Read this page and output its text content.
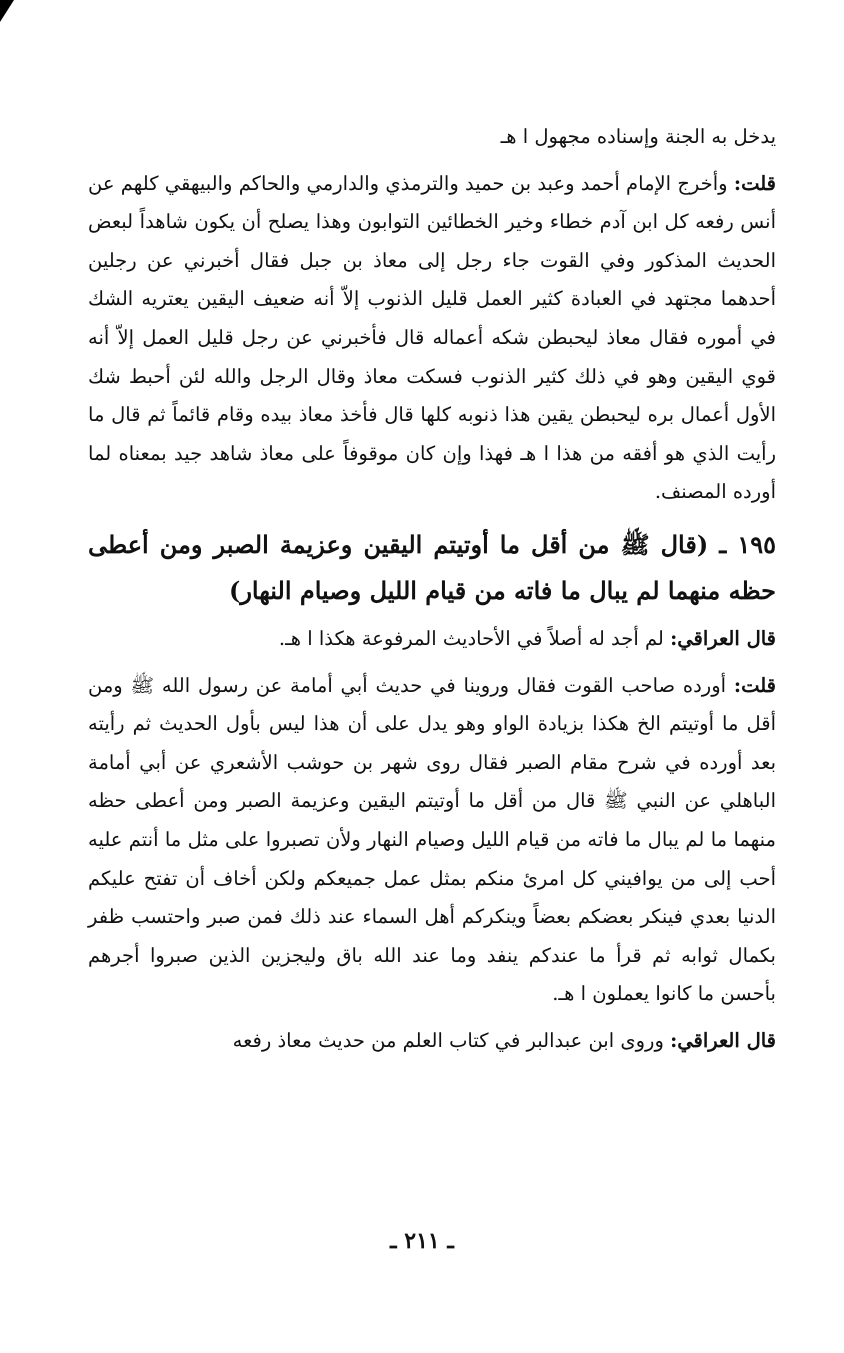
يدخل به الجنة وإسناده مجهول ا هـ

قلت: وأخرج الإمام أحمد وعبد بن حميد والترمذي والدارمي والحاكم والبيهقي كلهم عن أنس رفعه كل ابن آدم خطاء وخير الخطائين التوابون وهذا يصلح أن يكون شاهداً لبعض الحديث المذكور وفي القوت جاء رجل إلى معاذ بن جبل فقال أخبرني عن رجلين أحدهما مجتهد في العبادة كثير العمل قليل الذنوب إلاّ أنه ضعيف اليقين يعتريه الشك في أموره فقال معاذ ليحبطن شكه أعماله قال فأخبرني عن رجل قليل العمل إلاّ أنه قوي اليقين وهو في ذلك كثير الذنوب فسكت معاذ وقال الرجل والله لئن أحبط شك الأول أعمال بره ليحبطن يقين هذا ذنوبه كلها قال فأخذ معاذ بيده وقام قائماً ثم قال ما رأيت الذي هو أفقه من هذا ا هـ فهذا وإن كان موقوفاً على معاذ شاهد جيد بمعناه لما أورده المصنف.

١٩٥ ـ (قال ﷺ من أقل ما أوتيتم اليقين وعزيمة الصبر ومن أعطى حظه منهما لم يبال ما فاته من قيام الليل وصيام النهار)

قال العراقي: لم أجد له أصلاً في الأحاديث المرفوعة هكذا ا هـ.

قلت: أورده صاحب القوت فقال وروينا في حديث أبي أمامة عن رسول الله ﷺ ومن أقل ما أوتيتم الخ هكذا بزيادة الواو وهو يدل على أن هذا ليس بأول الحديث ثم رأيته بعد أورده في شرح مقام الصبر فقال روى شهر بن حوشب الأشعري عن أبي أمامة الباهلي عن النبي ﷺ قال من أقل ما أوتيتم اليقين وعزيمة الصبر ومن أعطى حظه منهما ما لم يبال ما فاته من قيام الليل وصيام النهار ولأن تصبروا على مثل ما أنتم عليه أحب إلى من يوافيني كل امرئ منكم بمثل عمل جميعكم ولكن أخاف أن تفتح عليكم الدنيا بعدي فينكر بعضكم بعضاً وينكركم أهل السماء عند ذلك فمن صبر واحتسب ظفر بكمال ثوابه ثم قرأ ما عندكم ينفد وما عند الله باق وليجزين الذين صبروا أجرهم بأحسن ما كانوا يعملون ا هـ.

قال العراقي: وروى ابن عبدالبر في كتاب العلم من حديث معاذ رفعه

ـ ٢١١ ـ
